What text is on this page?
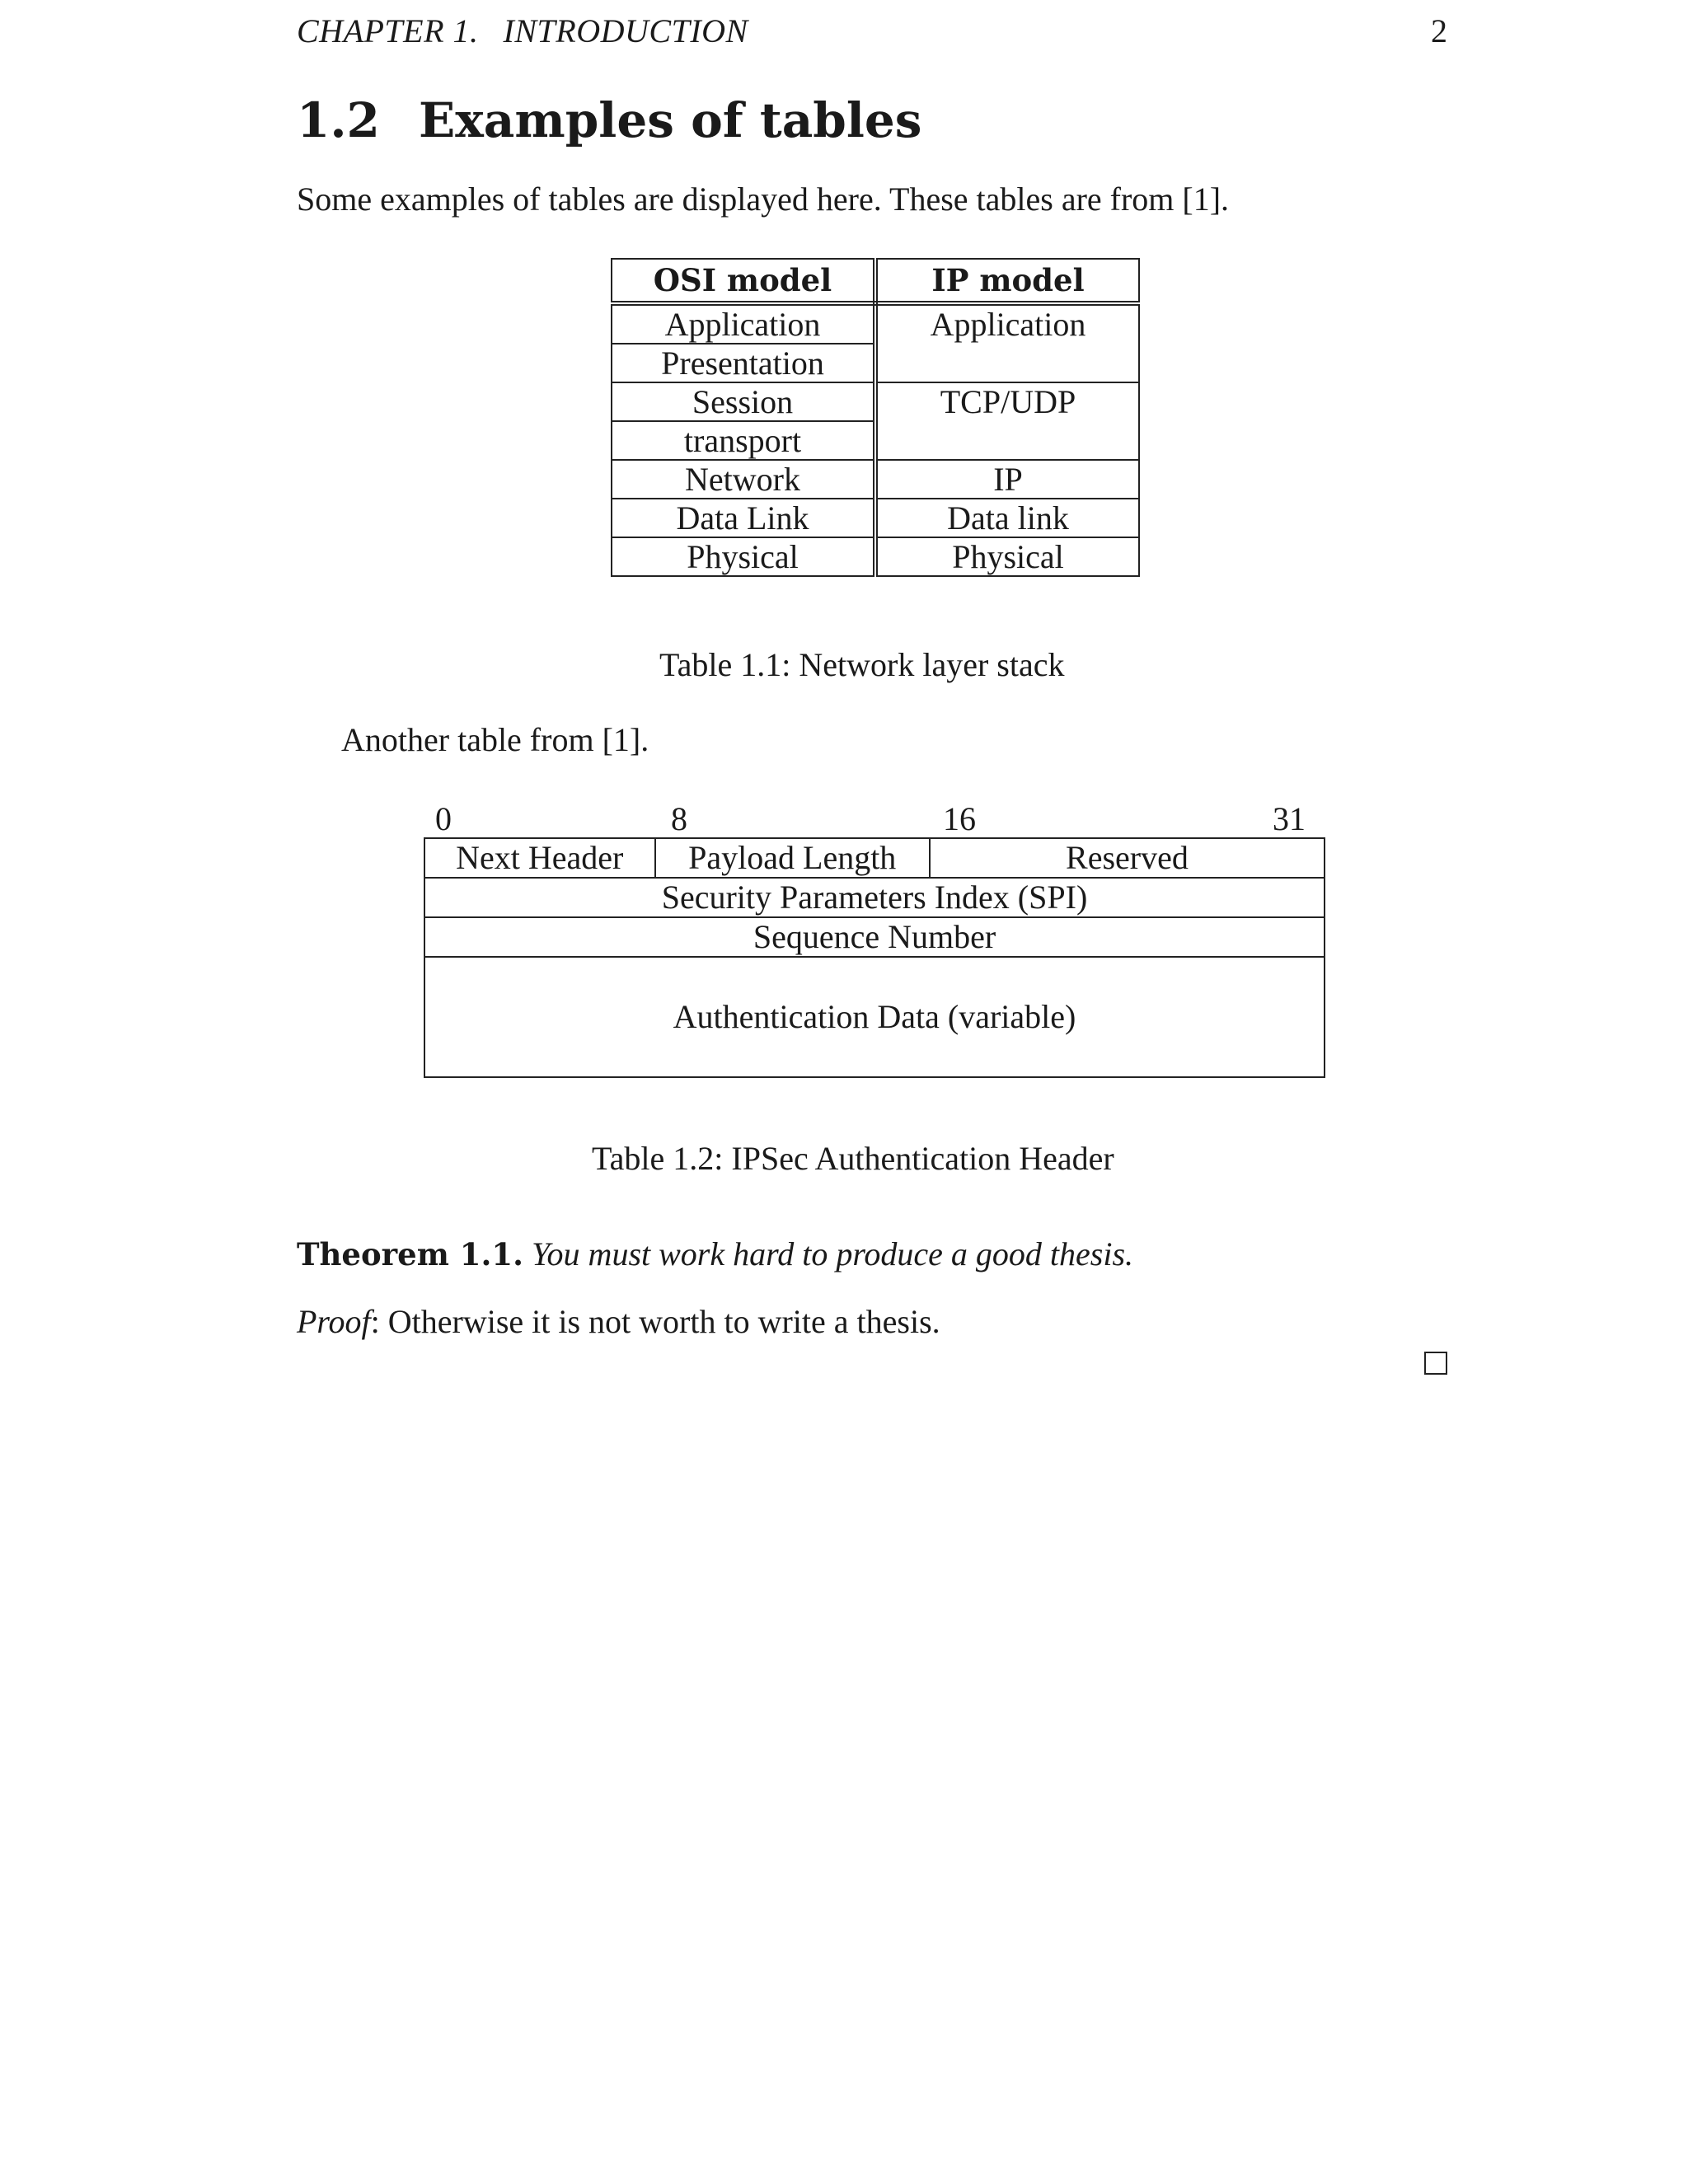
CHAPTER 1. INTRODUCTION	2
1.2 Examples of tables
Some examples of tables are displayed here. These tables are from [1].
OSI model	IP model
Application	Application
Presentation	
Session	TCP/UDP
transport	
Network	IP
Data Link	Data link
Physical	Physical
Table 1.1: Network layer stack
Another table from [1].
0	8	16	31
Next Header	Payload Length	Reserved
Security Parameters Index (SPI)
Sequence Number
Authentication Data (variable)
Table 1.2: IPSec Authentication Header
Theorem 1.1. You must work hard to produce a good thesis.
Proof: Otherwise it is not worth to write a thesis.
